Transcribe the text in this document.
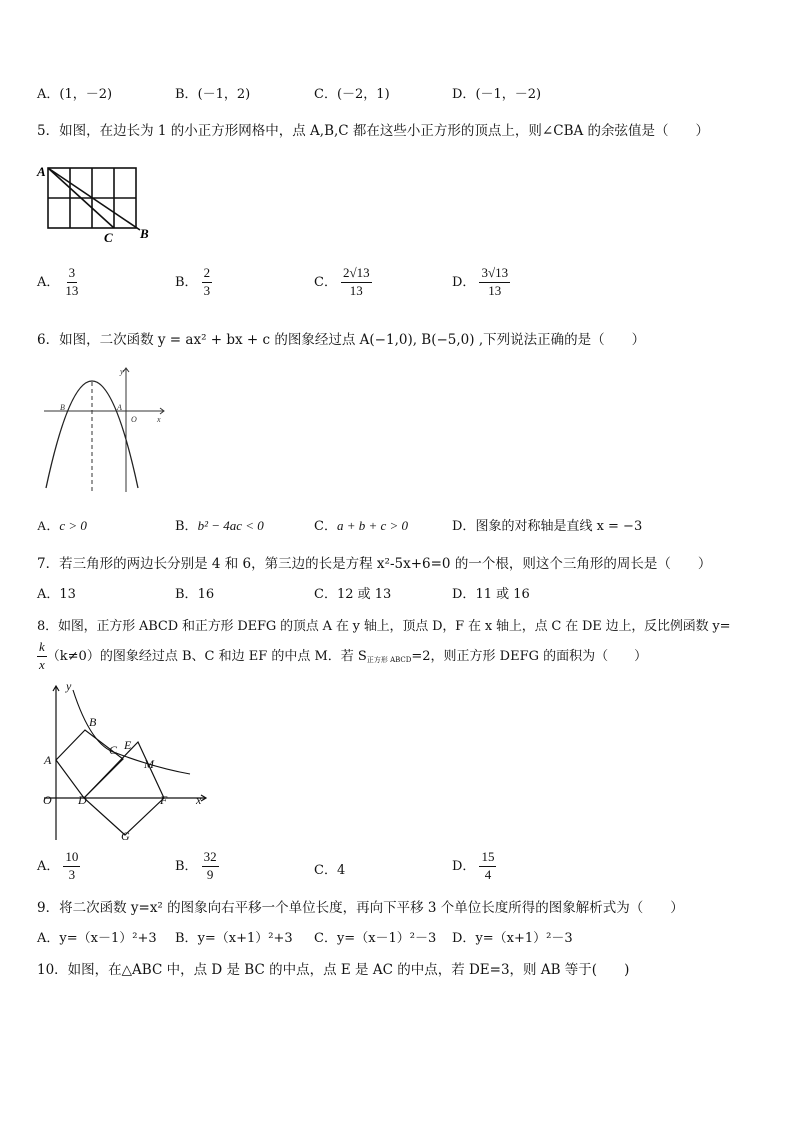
A．(1，－2)	B．(－1，2)	C．(－2，1)	D．(－1，－2)
5．如图，在边长为 1 的小正方形网格中，点 A,B,C 都在这些小正方形的顶点上，则∠CBA 的余弦值是（　　）
A
C B
A． $\frac{3}{13}$	B． $\frac{2}{3}$	C． $\frac{2√13}{13}$	D． $\frac{3√13}{13}$
6．如图，二次函数 y = ax² + bx + c 的图象经过点 A(−1,0), B(−5,0) ,下列说法正确的是（　　）
y
x
B	A
O
A．c > 0	B．b² − 4ac < 0	C．a + b + c > 0	D．图象的对称轴是直线 x = −3
7．若三角形的两边长分别是 4 和 6，第三边的长是方程 x²-5x+6=0 的一个根，则这个三角形的周长是（　　）
A．13	B．16	C．12 或 13	D．11 或 16
8．如图，正方形 ABCD 和正方形 DEFG 的顶点 A 在 y 轴上，顶点 D，F 在 x 轴上，点 C 在 DE 边上，反比例函数 y=
$\frac{k}{x} (k\ne 0)$的图象经过点 B、C 和边 EF 的中点 M．若 $S_{正方形 ABCD}=2$，则正方形 DEFG 的面积为（　　）
y
x
O
A
B
C E
M
D	F
G
A． $\frac{10}{3}$	B． $\frac{32}{9}$	C．4	D． $\frac{15}{4}$
9．将二次函数 y=x² 的图象向右平移一个单位长度，再向下平移 3 个单位长度所得的图象解析式为（　　）
A．y=（x－1）²+3 B．y=（x+1）²+3 C．y=（x－1）²－3 D．y=（x+1）²－3
10．如图，在△ABC 中，点 D 是 BC 的中点，点 E 是 AC 的中点，若 DE=3，则 AB 等于(　　)
